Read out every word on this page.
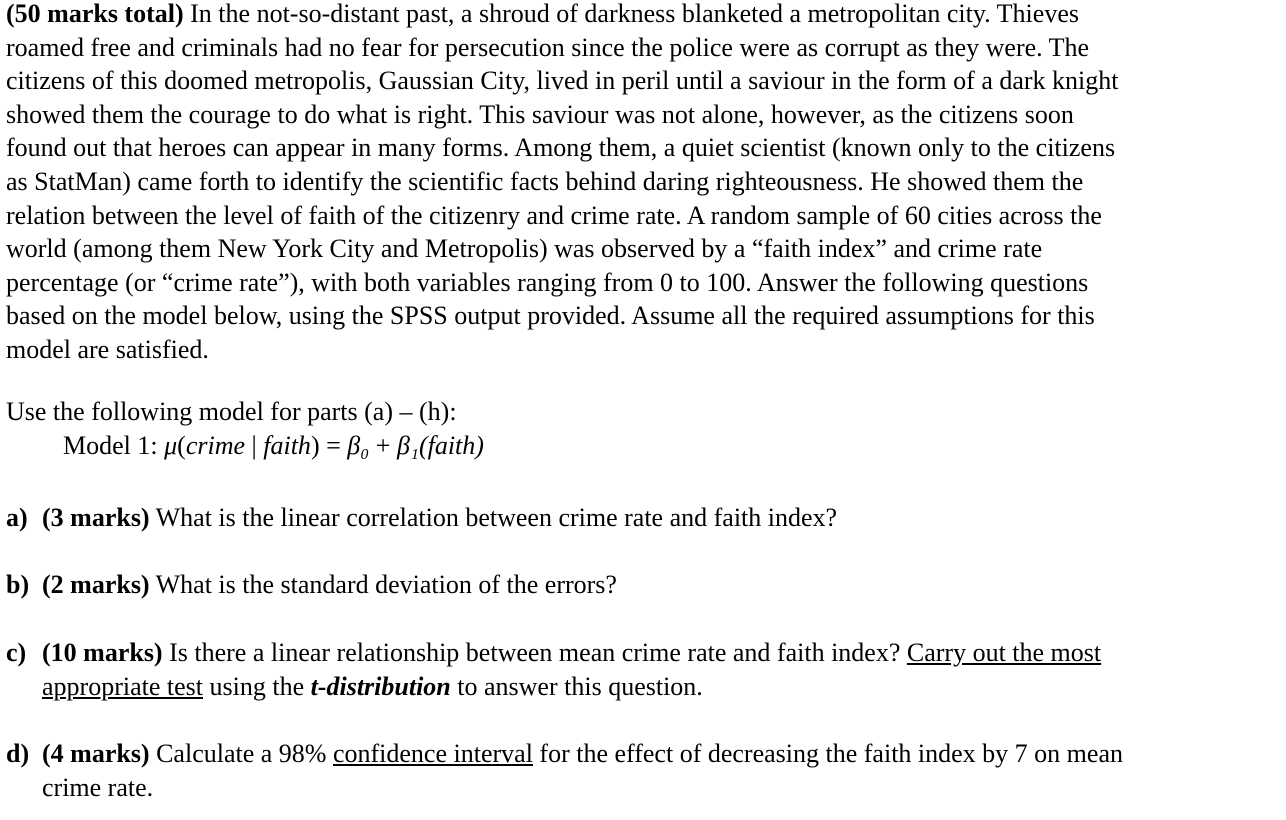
(50 marks total) In the not-so-distant past, a shroud of darkness blanketed a metropolitan city. Thieves
roamed free and criminals had no fear for persecution since the police were as corrupt as they were. The
citizens of this doomed metropolis, Gaussian City, lived in peril until a saviour in the form of a dark knight
showed them the courage to do what is right. This saviour was not alone, however, as the citizens soon
found out that heroes can appear in many forms. Among them, a quiet scientist (known only to the citizens
as StatMan) came forth to identify the scientific facts behind daring righteousness. He showed them the
relation between the level of faith of the citizenry and crime rate. A random sample of 60 cities across the
world (among them New York City and Metropolis) was observed by a “faith index” and crime rate
percentage (or “crime rate”), with both variables ranging from 0 to 100. Answer the following questions
based on the model below, using the SPSS output provided. Assume all the required assumptions for this
model are satisfied.

Use the following model for parts (a) – (h):
Model 1: μ(crime | faith) = β₀ + β₁(faith)

a) (3 marks) What is the linear correlation between crime rate and faith index?

b) (2 marks) What is the standard deviation of the errors?

c) (10 marks) Is there a linear relationship between mean crime rate and faith index? Carry out the most
appropriate test using the t-distribution to answer this question.

d) (4 marks) Calculate a 98% confidence interval for the effect of decreasing the faith index by 7 on mean
crime rate.
